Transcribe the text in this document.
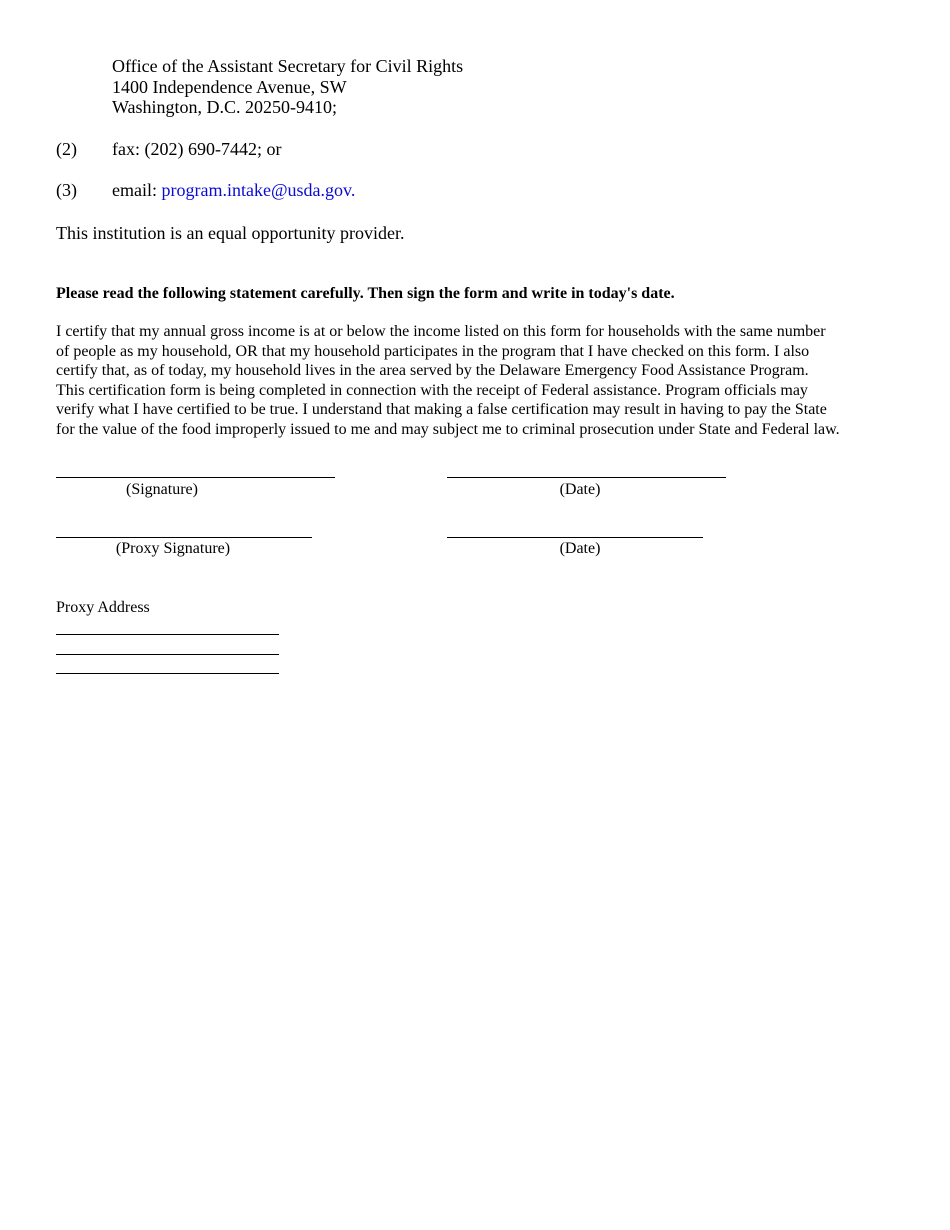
Office of the Assistant Secretary for Civil Rights
1400 Independence Avenue, SW
Washington, D.C. 20250-9410;
(2) fax: (202) 690-7442; or
(3) email: program.intake@usda.gov.
This institution is an equal opportunity provider.
Please read the following statement carefully. Then sign the form and write in today's date.
I certify that my annual gross income is at or below the income listed on this form for households with the same number
of people as my household, OR that my household participates in the program that I have checked on this form. I also
certify that, as of today, my household lives in the area served by the Delaware Emergency Food Assistance Program.
This certification form is being completed in connection with the receipt of Federal assistance. Program officials may
verify what I have certified to be true. I understand that making a false certification may result in having to pay the State
for the value of the food improperly issued to me and may subject me to criminal prosecution under State and Federal law.
(Signature)	(Date)
(Proxy Signature)	(Date)
Proxy Address
